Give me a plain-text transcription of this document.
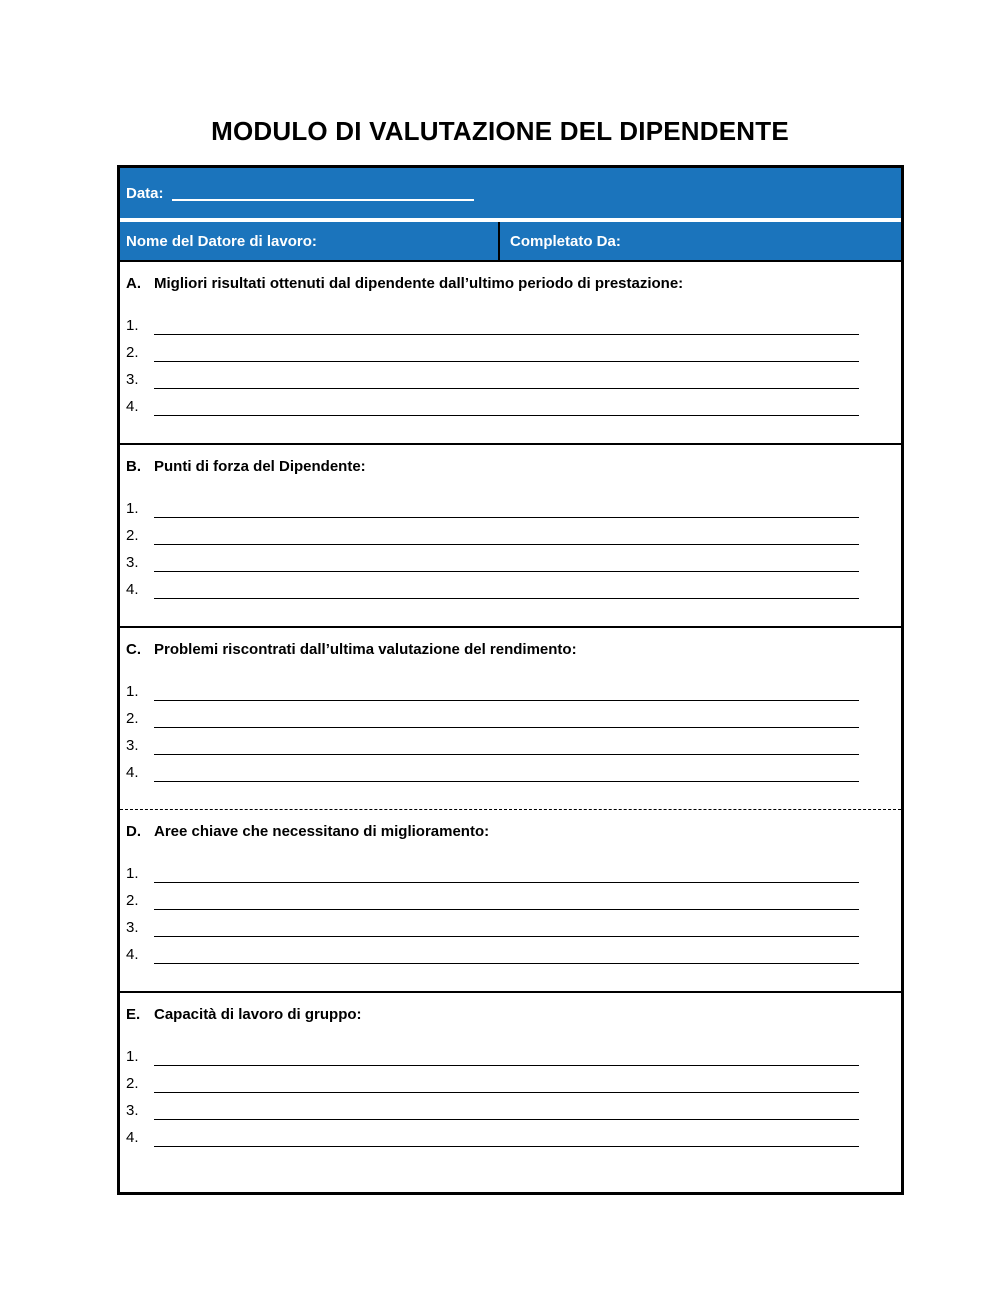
MODULO DI VALUTAZIONE DEL DIPENDENTE
Data:
Nome del Datore di lavoro:	Completato Da:
A. Migliori risultati ottenuti dal dipendente dall’ultimo periodo di prestazione:
1.
2.
3.
4.
B. Punti di forza del Dipendente:
1.
2.
3.
4.
C. Problemi riscontrati dall’ultima valutazione del rendimento:
1.
2.
3.
4.
D. Aree chiave che necessitano di miglioramento:
1.
2.
3.
4.
E. Capacità di lavoro di gruppo:
1.
2.
3.
4.
